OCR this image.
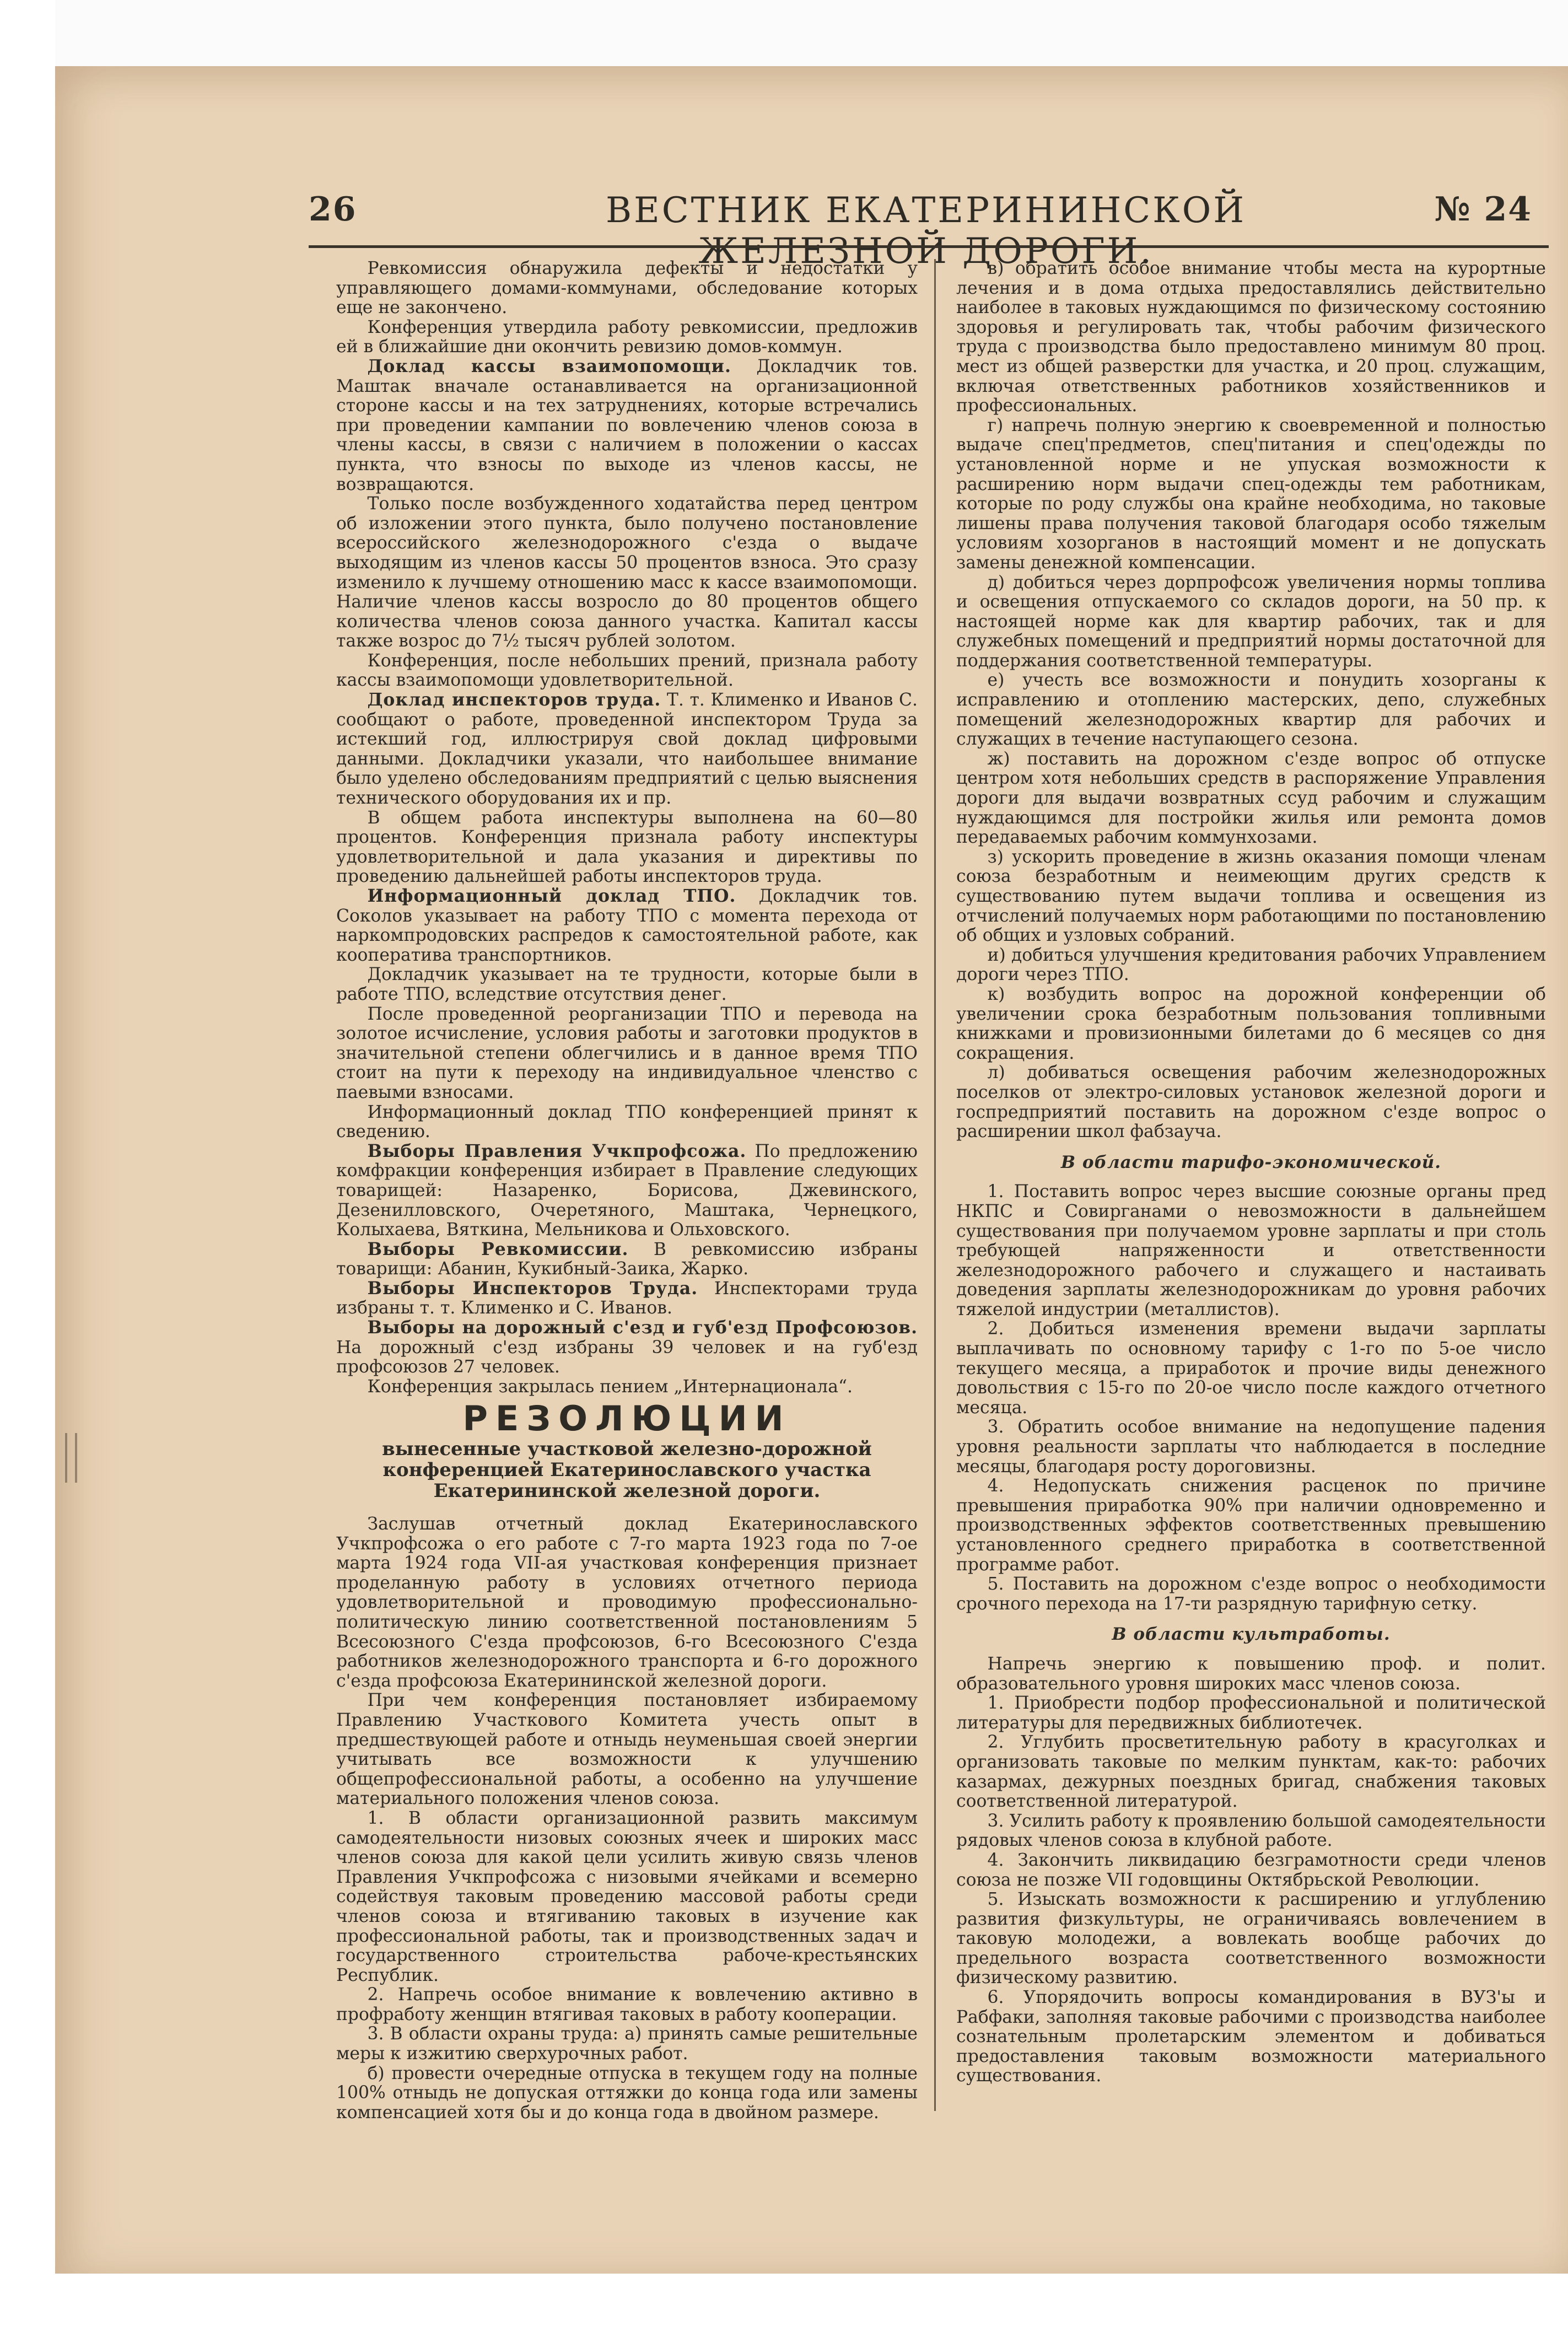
26	ВЕСТНИК ЕКАТЕРИНИНСКОЙ ЖЕЛЕЗНОЙ ДОРОГИ.
№ 24

Ревкомиссия обнаружила дефекты и недостатки у управляющего домами-коммунами, обследование которых еще не закончено.

Конференция утвердила работу ревкомиссии, предложив ей в ближайшие дни окончить ревизию домов-коммун.

Доклад кассы взаимопомощи. Докладчик тов. Маштак вначале останавливается на организационной стороне кассы и на тех затруднениях, которые встречались при проведении кампании по вовлечению членов союза в члены кассы, в связи с наличием в положении о кассах пункта, что взносы по выходе из членов кассы, не возвращаются.

Только после возбужденного ходатайства перед центром об изложении этого пункта, было получено постановление всероссийского железнодорожного с'езда о выдаче выходящим из членов кассы 50 процентов взноса. Это сразу изменило к лучшему отношению масс к кассе взаимопомощи. Наличие членов кассы возросло до 80 процентов общего количества членов союза данного участка. Капитал кассы также возрос до 7½ тысяч рублей золотом.

Конференция, после небольших прений, признала работу кассы взаимопомощи удовлетворительной.

Доклад инспекторов труда. Т. т. Клименко и Иванов С. сообщают о работе, проведенной инспектором Труда за истекший год, иллюстрируя свой доклад цифровыми данными. Докладчики указали, что наибольшее внимание было уделено обследованиям предприятий с целью выяснения технического оборудования их и пр.

В общем работа инспектуры выполнена на 60—80 процентов. Конференция признала работу инспектуры удовлетворительной и дала указания и директивы по проведению дальнейшей работы инспекторов труда.

Информационный доклад ТПО. Докладчик тов. Соколов указывает на работу ТПО с момента перехода от наркомпродовских распредов к самостоятельной работе, как кооператива транспортников.

Докладчик указывает на те трудности, которые были в работе ТПО, вследствие отсутствия денег.

После проведенной реорганизации ТПО и перевода на золотое исчисление, условия работы и заготовки продуктов в значительной степени облегчились и в данное время ТПО стоит на пути к переходу на индивидуальное членство с паевыми взносами.

Информационный доклад ТПО конференцией принят к сведению.

Выборы Правления Учкпрофсожа. По предложению комфракции конференция избирает в Правление следующих товарищей: Назаренко, Борисова, Джевинского, Дезенилловского, Очеретяного, Маштака, Чернецкого, Колыхаева, Вяткина, Мельникова и Ольховского.

Выборы Ревкомиссии. В ревкомиссию избраны товарищи: Абанин, Кукибный-Заика, Жарко.

Выборы Инспекторов Труда. Инспекторами труда избраны т. т. Клименко и С. Иванов.

Выборы на дорожный с'езд и губ'езд Профсоюзов. На дорожный с'езд избраны 39 человек и на губ'езд профсоюзов 27 человек.

Конференция закрылась пением „Интернационала“.

РЕЗОЛЮЦИИ
вынесенные участковой железно-дорожной конференцией Екатеринославского участка Екатерининской железной дороги.

Заслушав отчетный доклад Екатеринославского Учкпрофсожа о его работе с 7-го марта 1923 года по 7-ое марта 1924 года VII-ая участковая конференция признает проделанную работу в условиях отчетного периода удовлетворительной и проводимую профессионально-политическую линию соответственной постановлениям 5 Всесоюзного С'езда профсоюзов, 6-го Всесоюзного С'езда работников железнодорожного транспорта и 6-го дорожного с'езда профсоюза Екатерининской железной дороги.

При чем конференция постановляет избираемому Правлению Участкового Комитета учесть опыт в предшествующей работе и отныдь неуменьшая своей энергии учитывать все возможности к улучшению общепрофессиональной работы, а особенно на улучшение материального положения членов союза.

1. В области организационной развить максимум самодеятельности низовых союзных ячеек и широких масс членов союза для какой цели усилить живую связь членов Правления Учкпрофсожа с низовыми ячейками и всемерно содействуя таковым проведению массовой работы среди членов союза и втягиванию таковых в изучение как профессиональной работы, так и производственных задач и государственного строительства рабоче-крестьянских Республик.

2. Напречь особое внимание к вовлечению активно в профработу женщин втягивая таковых в работу кооперации.

3. В области охраны труда: а) принять самые решительные меры к изжитию сверхурочных работ.

б) провести очередные отпуска в текущем году на полные 100% отныдь не допуская оттяжки до конца года или замены компенсацией хотя бы и до конца года в двойном размере.

в) обратить особое внимание чтобы места на курортные лечения и в дома отдыха предоставлялись действительно наиболее в таковых нуждающимся по физическому состоянию здоровья и регулировать так, чтобы рабочим физического труда с производства было предоставлено минимум 80 проц. мест из общей разверстки для участка, и 20 проц. служащим, включая ответственных работников хозяйственников и профессиональных.

г) напречь полную энергию к своевременной и полностью выдаче спец'предметов, спец'питания и спец'одежды по установленной норме и не упуская возможности к расширению норм выдачи спец-одежды тем работникам, которые по роду службы она крайне необходима, но таковые лишены права получения таковой благодаря особо тяжелым условиям хозорганов в настоящий момент и не допускать замены денежной компенсации.

д) добиться через дорпрофсож увеличения нормы топлива и освещения отпускаемого со складов дороги, на 50 пр. к настоящей норме как для квартир рабочих, так и для служебных помещений и предприятий нормы достаточной для поддержания соответственной температуры.

е) учесть все возможности и понудить хозорганы к исправлению и отоплению мастерских, депо, служебных помещений железнодорожных квартир для рабочих и служащих в течение наступающего сезона.

ж) поставить на дорожном с'езде вопрос об отпуске центром хотя небольших средств в распоряжение Управления дороги для выдачи возвратных ссуд рабочим и служащим нуждающимся для постройки жилья или ремонта домов передаваемых рабочим коммунхозами.

з) ускорить проведение в жизнь оказания помощи членам союза безработным и неимеющим других средств к существованию путем выдачи топлива и освещения из отчислений получаемых норм работающими по постановлению об общих и узловых собраний.

и) добиться улучшения кредитования рабочих Управлением дороги через ТПО.

к) возбудить вопрос на дорожной конференции об увеличении срока безработным пользования топливными книжками и провизионными билетами до 6 месяцев со дня сокращения.

л) добиваться освещения рабочим железнодорожных поселков от электро-силовых установок железной дороги и госпредприятий поставить на дорожном с'езде вопрос о расширении школ фабзауча.

В области тарифо-экономической.

1. Поставить вопрос через высшие союзные органы пред НКПС и Совирганами о невозможности в дальнейшем существования при получаемом уровне зарплаты и при столь требующей напряженности и ответственности железнодорожного рабочего и служащего и настаивать доведения зарплаты железнодорожникам до уровня рабочих тяжелой индустрии (металлистов).

2. Добиться изменения времени выдачи зарплаты выплачивать по основному тарифу с 1-го по 5-ое число текущего месяца, а приработок и прочие виды денежного довольствия с 15-го по 20-ое число после каждого отчетного месяца.

3. Обратить особое внимание на недопущение падения уровня реальности зарплаты что наблюдается в последние месяцы, благодаря росту дороговизны.

4. Недопускать снижения расценок по причине превышения приработка 90% при наличии одновременно и производственных эффектов соответственных превышению установленного среднего приработка в соответственной программе работ.

5. Поставить на дорожном с'езде вопрос о необходимости срочного перехода на 17-ти разрядную тарифную сетку.

В области культработы.

Напречь энергию к повышению проф. и полит. образовательного уровня широких масс членов союза.

1. Приобрести подбор профессиональной и политической литературы для передвижных библиотечек.

2. Углубить просветительную работу в красуголках и организовать таковые по мелким пунктам, как-то: рабочих казармах, дежурных поездных бригад, снабжения таковых соответственной литературой.

3. Усилить работу к проявлению большой самодеятельности рядовых членов союза в клубной работе.

4. Закончить ликвидацию безграмотности среди членов союза не позже VII годовщины Октябрьской Революции.

5. Изыскать возможности к расширению и углублению развития физкультуры, не ограничиваясь вовлечением в таковую молодежи, а вовлекать вообще рабочих до предельного возраста соответственного возможности физическому развитию.

6. Упорядочить вопросы командирования в ВУЗ'ы и Рабфаки, заполняя таковые рабочими с производства наиболее сознательным пролетарским элементом и добиваться предоставления таковым возможности материального существования.
